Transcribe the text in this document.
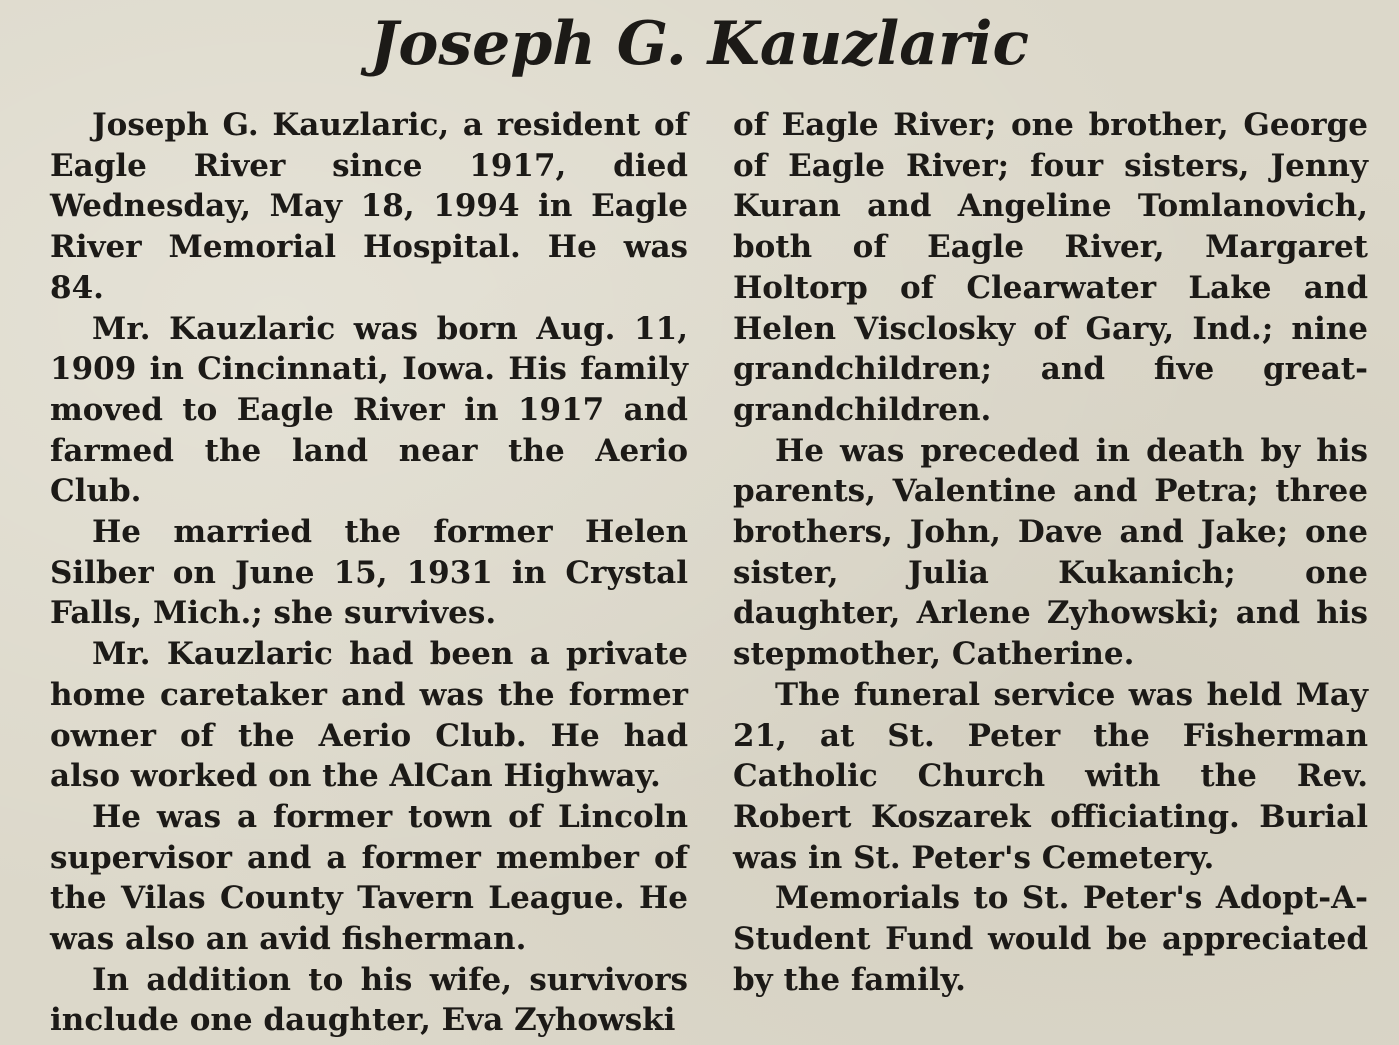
Joseph G. Kauzlaric

Joseph G. Kauzlaric, a resident of Eagle River since 1917, died Wednesday, May 18, 1994 in Eagle River Memorial Hospital. He was 84.

Mr. Kauzlaric was born Aug. 11, 1909 in Cincinnati, Iowa. His family moved to Eagle River in 1917 and farmed the land near the Aerio Club.

He married the former Helen Silber on June 15, 1931 in Crystal Falls, Mich.; she survives.

Mr. Kauzlaric had been a private home caretaker and was the former owner of the Aerio Club. He had also worked on the AlCan Highway.

He was a former town of Lincoln supervisor and a former member of the Vilas County Tavern League. He was also an avid fisherman.

In addition to his wife, survivors include one daughter, Eva Zyhowski

of Eagle River; one brother, George of Eagle River; four sisters, Jenny Kuran and Angeline Tomlanovich, both of Eagle River, Margaret Holtorp of Clearwater Lake and Helen Visclosky of Gary, Ind.; nine grandchildren; and five great-grandchildren.

He was preceded in death by his parents, Valentine and Petra; three brothers, John, Dave and Jake; one sister, Julia Kukanich; one daughter, Arlene Zyhowski; and his stepmother, Catherine.

The funeral service was held May 21, at St. Peter the Fisherman Catholic Church with the Rev. Robert Koszarek officiating. Burial was in St. Peter's Cemetery.

Memorials to St. Peter's Adopt-A-Student Fund would be appreciated by the family.
